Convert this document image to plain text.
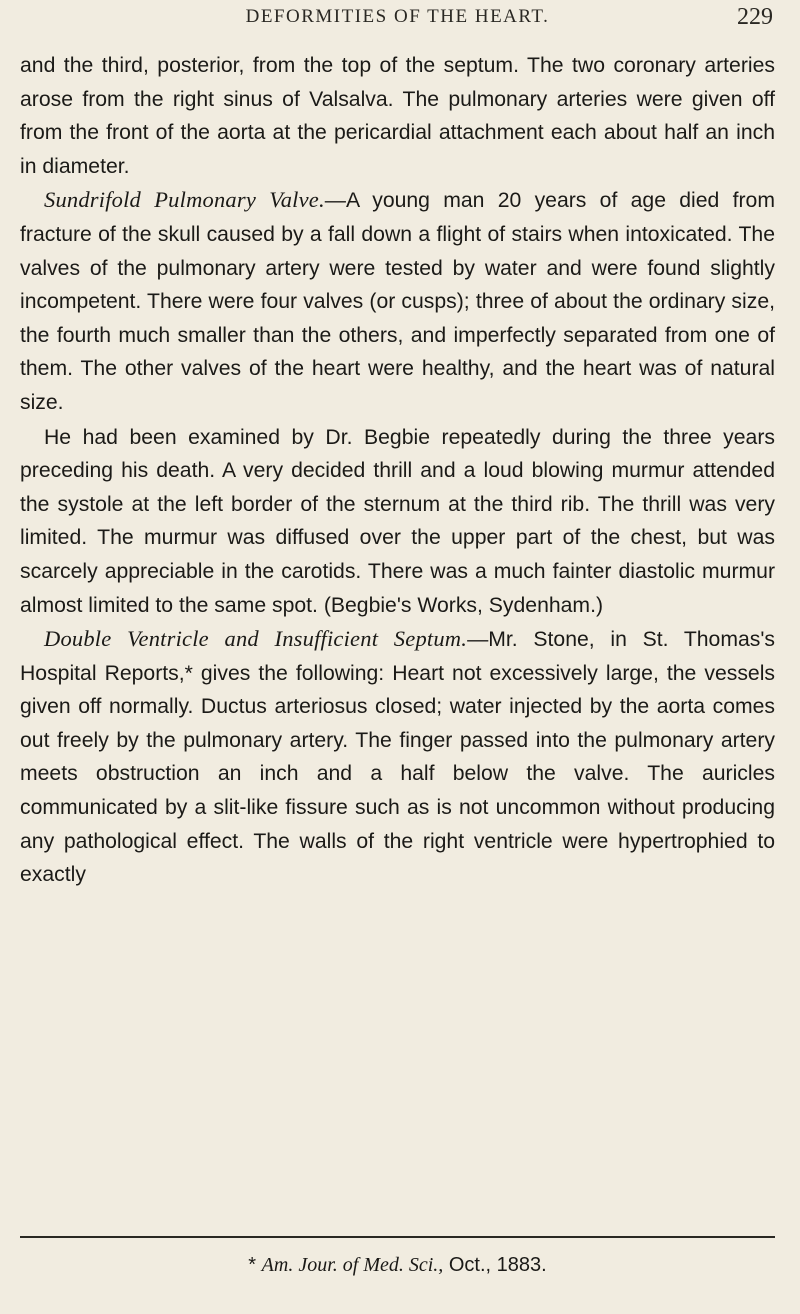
DEFORMITIES OF THE HEART.	229

and the third, posterior, from the top of the septum. The two coronary arteries arose from the right sinus of Valsalva. The pulmonary arteries were given off from the front of the aorta at the pericardial attachment each about half an inch in diameter.

Sundrifold Pulmonary Valve.—A young man 20 years of age died from fracture of the skull caused by a fall down a flight of stairs when intoxicated. The valves of the pulmonary artery were tested by water and were found slightly incompetent. There were four valves (or cusps); three of about the ordinary size, the fourth much smaller than the others, and imperfectly separated from one of them. The other valves of the heart were healthy, and the heart was of natural size.

He had been examined by Dr. Begbie repeatedly during the three years preceding his death. A very decided thrill and a loud blowing murmur attended the systole at the left border of the sternum at the third rib. The thrill was very limited. The murmur was diffused over the upper part of the chest, but was scarcely appreciable in the carotids. There was a much fainter diastolic murmur almost limited to the same spot. (Begbie's Works, Sydenham.)

Double Ventricle and Insufficient Septum.—Mr. Stone, in St. Thomas's Hospital Reports,* gives the following: Heart not excessively large, the vessels given off normally. Ductus arteriosus closed; water injected by the aorta comes out freely by the pulmonary artery. The finger passed into the pulmonary artery meets obstruction an inch and a half below the valve. The auricles communicated by a slit-like fissure such as is not uncommon without producing any pathological effect. The walls of the right ventricle were hypertrophied to exactly

* Am. Jour. of Med. Sci., Oct., 1883.
